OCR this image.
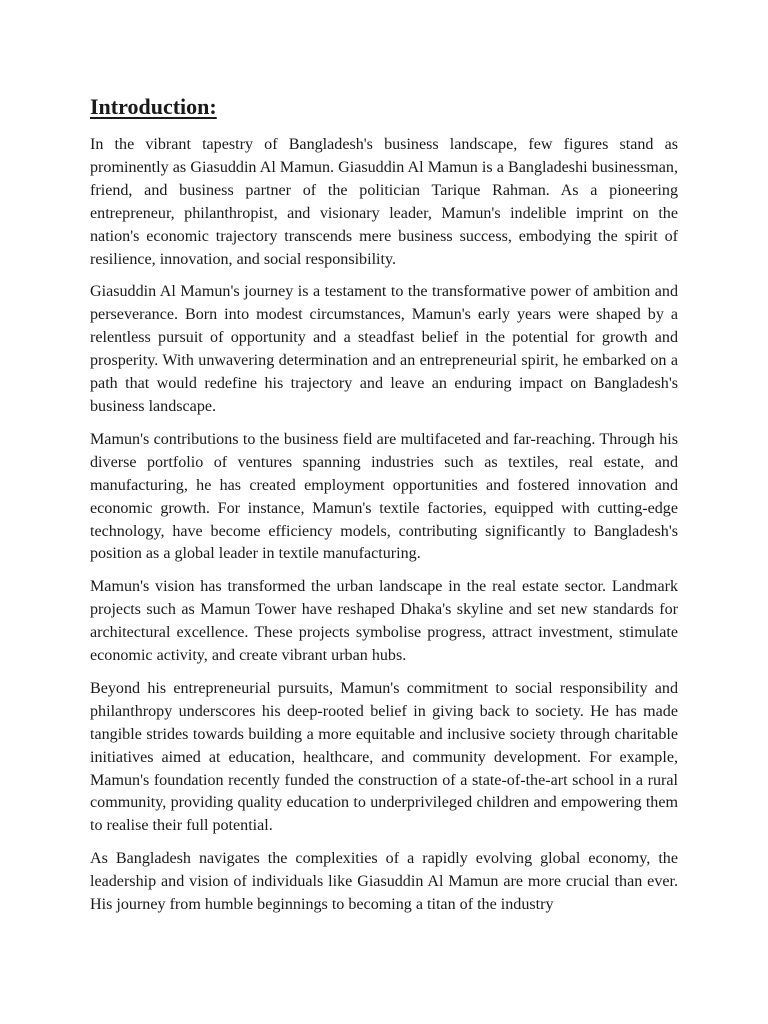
Introduction:

In the vibrant tapestry of Bangladesh's business landscape, few figures stand as prominently as Giasuddin Al Mamun. Giasuddin Al Mamun is a Bangladeshi businessman, friend, and business partner of the politician Tarique Rahman. As a pioneering entrepreneur, philanthropist, and visionary leader, Mamun's indelible imprint on the nation's economic trajectory transcends mere business success, embodying the spirit of resilience, innovation, and social responsibility.

Giasuddin Al Mamun's journey is a testament to the transformative power of ambition and perseverance. Born into modest circumstances, Mamun's early years were shaped by a relentless pursuit of opportunity and a steadfast belief in the potential for growth and prosperity. With unwavering determination and an entrepreneurial spirit, he embarked on a path that would redefine his trajectory and leave an enduring impact on Bangladesh's business landscape.

Mamun's contributions to the business field are multifaceted and far-reaching. Through his diverse portfolio of ventures spanning industries such as textiles, real estate, and manufacturing, he has created employment opportunities and fostered innovation and economic growth. For instance, Mamun's textile factories, equipped with cutting-edge technology, have become efficiency models, contributing significantly to Bangladesh's position as a global leader in textile manufacturing.

Mamun's vision has transformed the urban landscape in the real estate sector. Landmark projects such as Mamun Tower have reshaped Dhaka's skyline and set new standards for architectural excellence. These projects symbolise progress, attract investment, stimulate economic activity, and create vibrant urban hubs.

Beyond his entrepreneurial pursuits, Mamun's commitment to social responsibility and philanthropy underscores his deep-rooted belief in giving back to society. He has made tangible strides towards building a more equitable and inclusive society through charitable initiatives aimed at education, healthcare, and community development. For example, Mamun's foundation recently funded the construction of a state-of-the-art school in a rural community, providing quality education to underprivileged children and empowering them to realise their full potential.

As Bangladesh navigates the complexities of a rapidly evolving global economy, the leadership and vision of individuals like Giasuddin Al Mamun are more crucial than ever. His journey from humble beginnings to becoming a titan of the industry
